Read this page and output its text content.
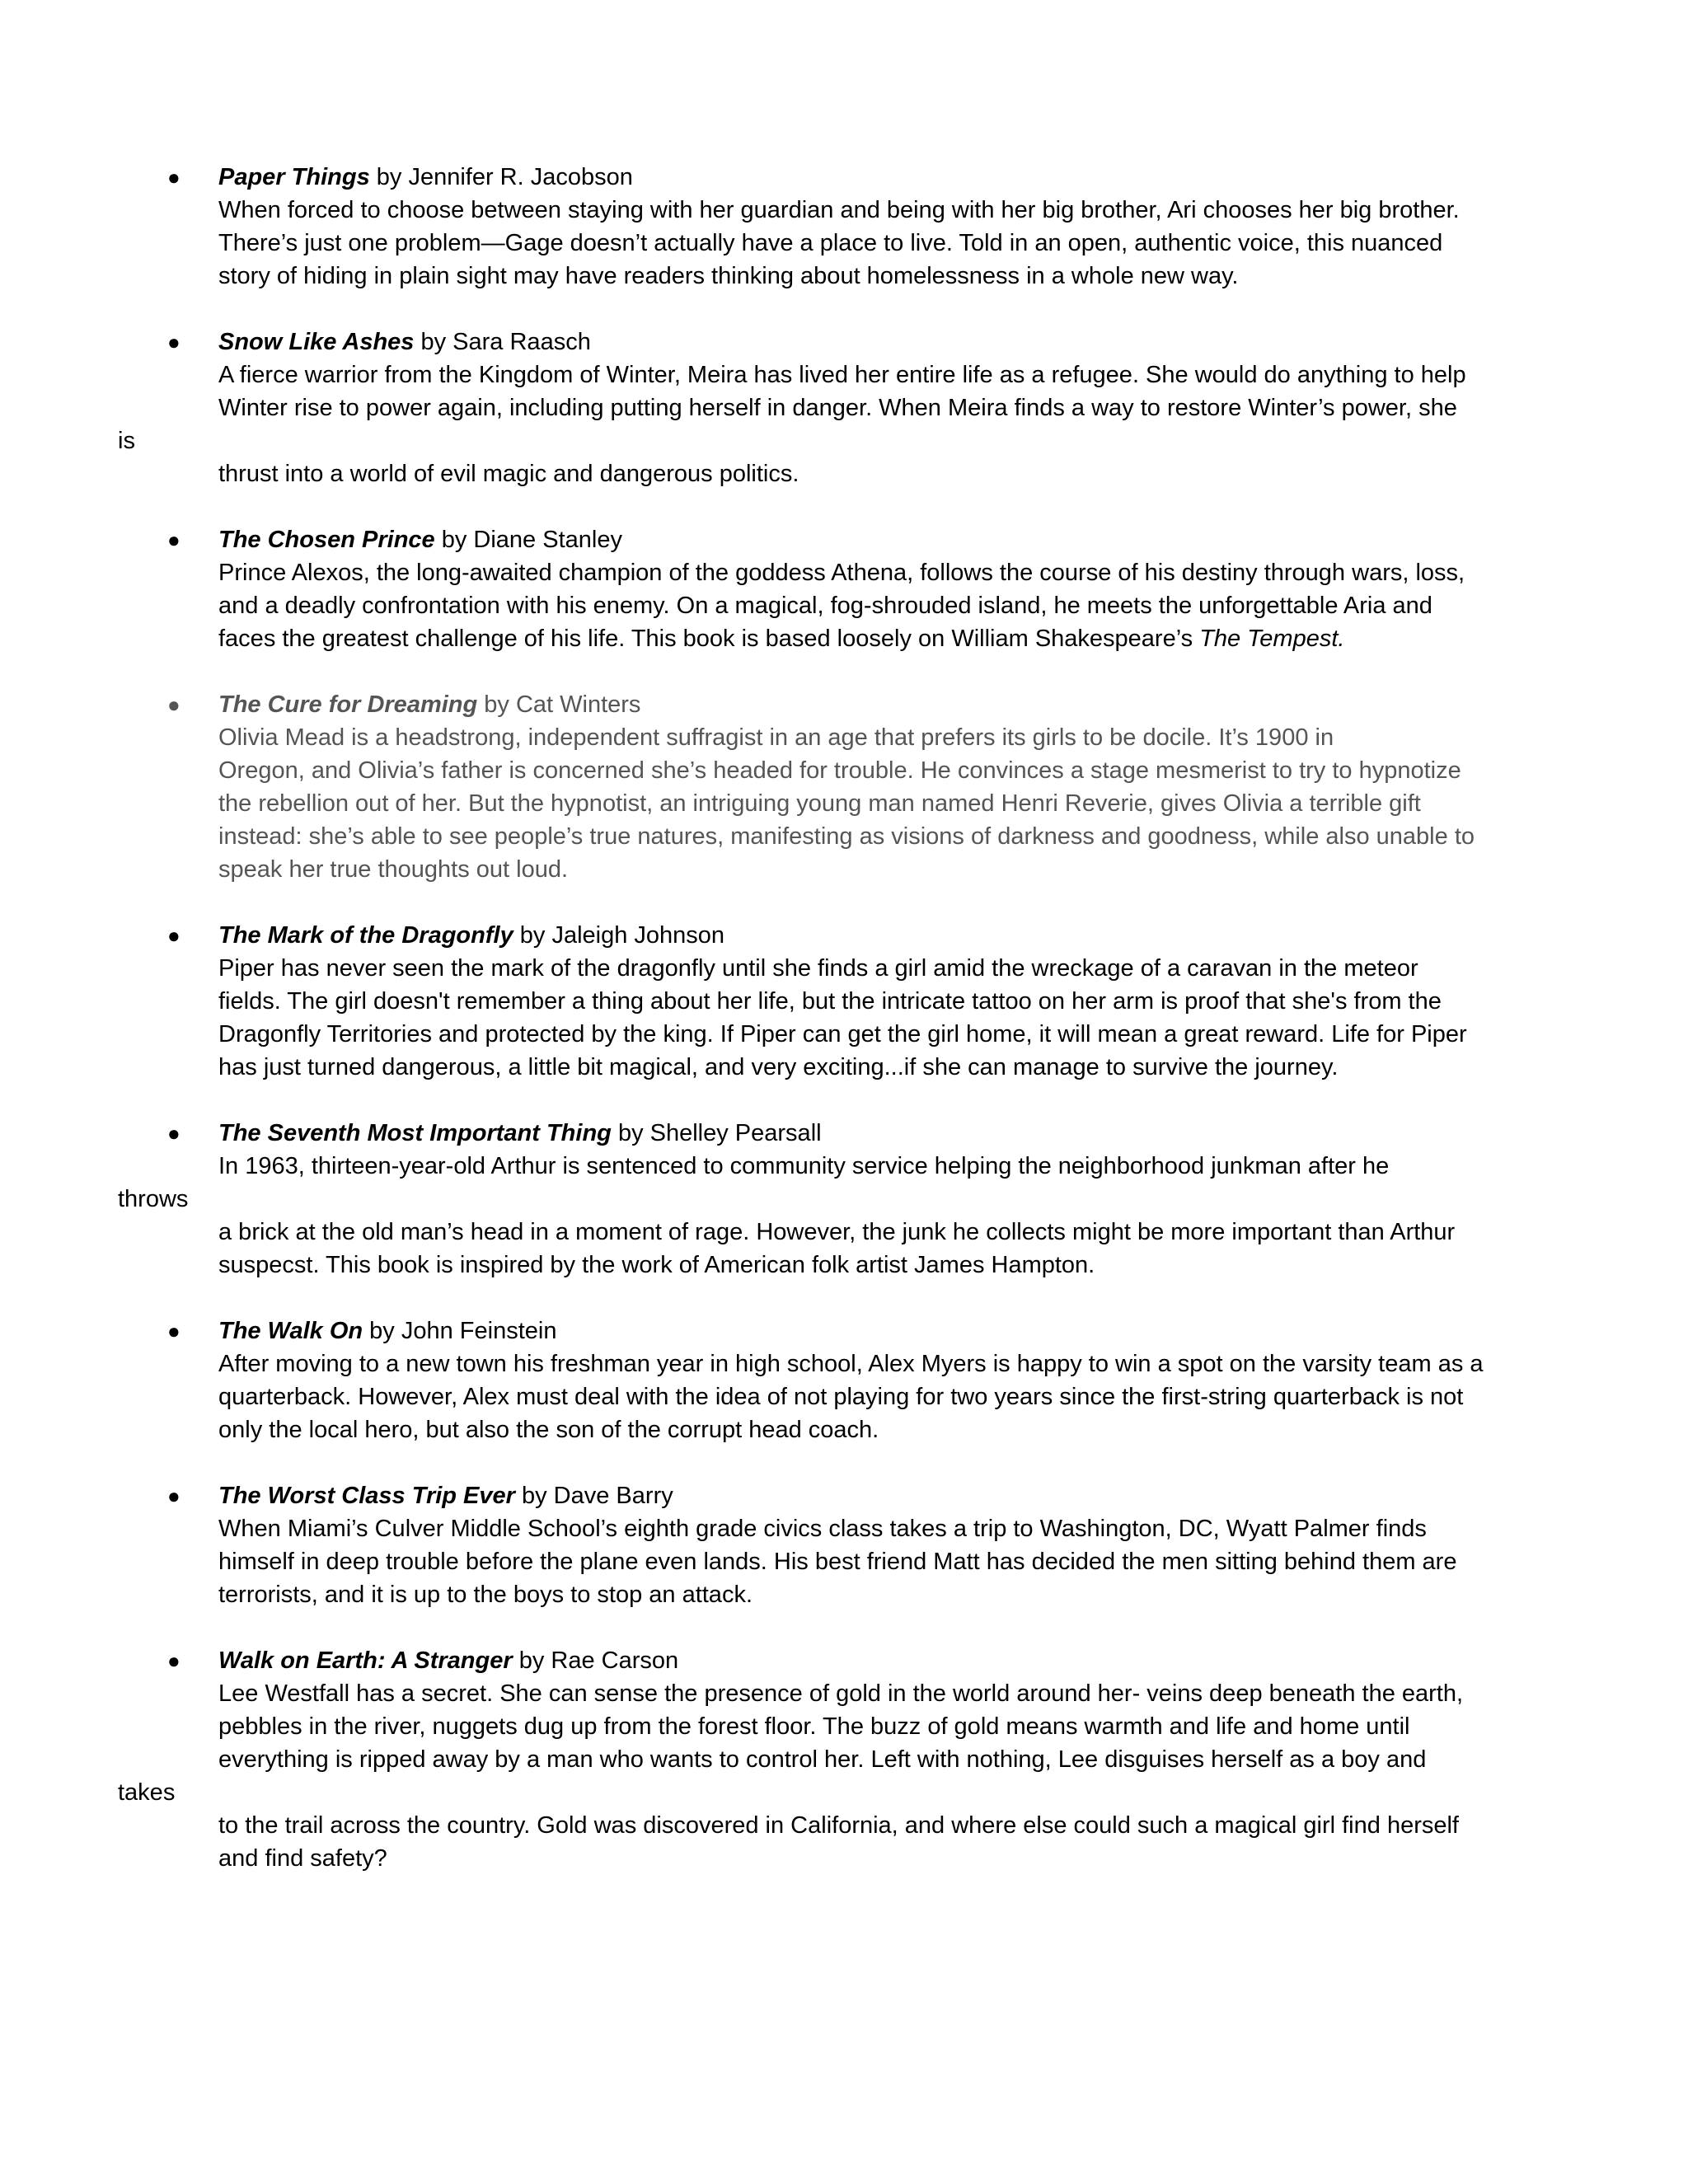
● Paper Things by Jennifer R. Jacobson
When forced to choose between staying with her guardian and being with her big brother, Ari chooses her big brother.
There’s just one problem—Gage doesn’t actually have a place to live. Told in an open, authentic voice, this nuanced
story of hiding in plain sight may have readers thinking about homelessness in a whole new way.
● Snow Like Ashes by Sara Raasch
A fierce warrior from the Kingdom of Winter, Meira has lived her entire life as a refugee. She would do anything to help
Winter rise to power again, including putting herself in danger. When Meira finds a way to restore Winter’s power, she
is
thrust into a world of evil magic and dangerous politics.
● The Chosen Prince by Diane Stanley
Prince Alexos, the long-awaited champion of the goddess Athena, follows the course of his destiny through wars, loss,
and a deadly confrontation with his enemy. On a magical, fog-shrouded island, he meets the unforgettable Aria and
faces the greatest challenge of his life. This book is based loosely on William Shakespeare’s The Tempest.
● The Cure for Dreaming by Cat Winters
Olivia Mead is a headstrong, independent suffragist in an age that prefers its girls to be docile. It’s 1900 in
Oregon, and Olivia’s father is concerned she’s headed for trouble. He convinces a stage mesmerist to try to hypnotize
the rebellion out of her. But the hypnotist, an intriguing young man named Henri Reverie, gives Olivia a terrible gift
instead: she’s able to see people’s true natures, manifesting as visions of darkness and goodness, while also unable to
speak her true thoughts out loud.
● The Mark of the Dragonfly by Jaleigh Johnson
Piper has never seen the mark of the dragonfly until she finds a girl amid the wreckage of a caravan in the meteor
fields. The girl doesn't remember a thing about her life, but the intricate tattoo on her arm is proof that she's from the
Dragonfly Territories and protected by the king. If Piper can get the girl home, it will mean a great reward. Life for Piper
has just turned dangerous, a little bit magical, and very exciting...if she can manage to survive the journey.
● The Seventh Most Important Thing by Shelley Pearsall
In 1963, thirteen-year-old Arthur is sentenced to community service helping the neighborhood junkman after he
throws
a brick at the old man’s head in a moment of rage. However, the junk he collects might be more important than Arthur
suspecst. This book is inspired by the work of American folk artist James Hampton.
● The Walk On by John Feinstein
After moving to a new town his freshman year in high school, Alex Myers is happy to win a spot on the varsity team as a
quarterback. However, Alex must deal with the idea of not playing for two years since the first-string quarterback is not
only the local hero, but also the son of the corrupt head coach.
● The Worst Class Trip Ever by Dave Barry
When Miami’s Culver Middle School’s eighth grade civics class takes a trip to Washington, DC, Wyatt Palmer finds
himself in deep trouble before the plane even lands. His best friend Matt has decided the men sitting behind them are
terrorists, and it is up to the boys to stop an attack.
● Walk on Earth: A Stranger by Rae Carson
Lee Westfall has a secret. She can sense the presence of gold in the world around her- veins deep beneath the earth,
pebbles in the river, nuggets dug up from the forest floor. The buzz of gold means warmth and life and home until
everything is ripped away by a man who wants to control her. Left with nothing, Lee disguises herself as a boy and
takes
to the trail across the country. Gold was discovered in California, and where else could such a magical girl find herself
and find safety?
